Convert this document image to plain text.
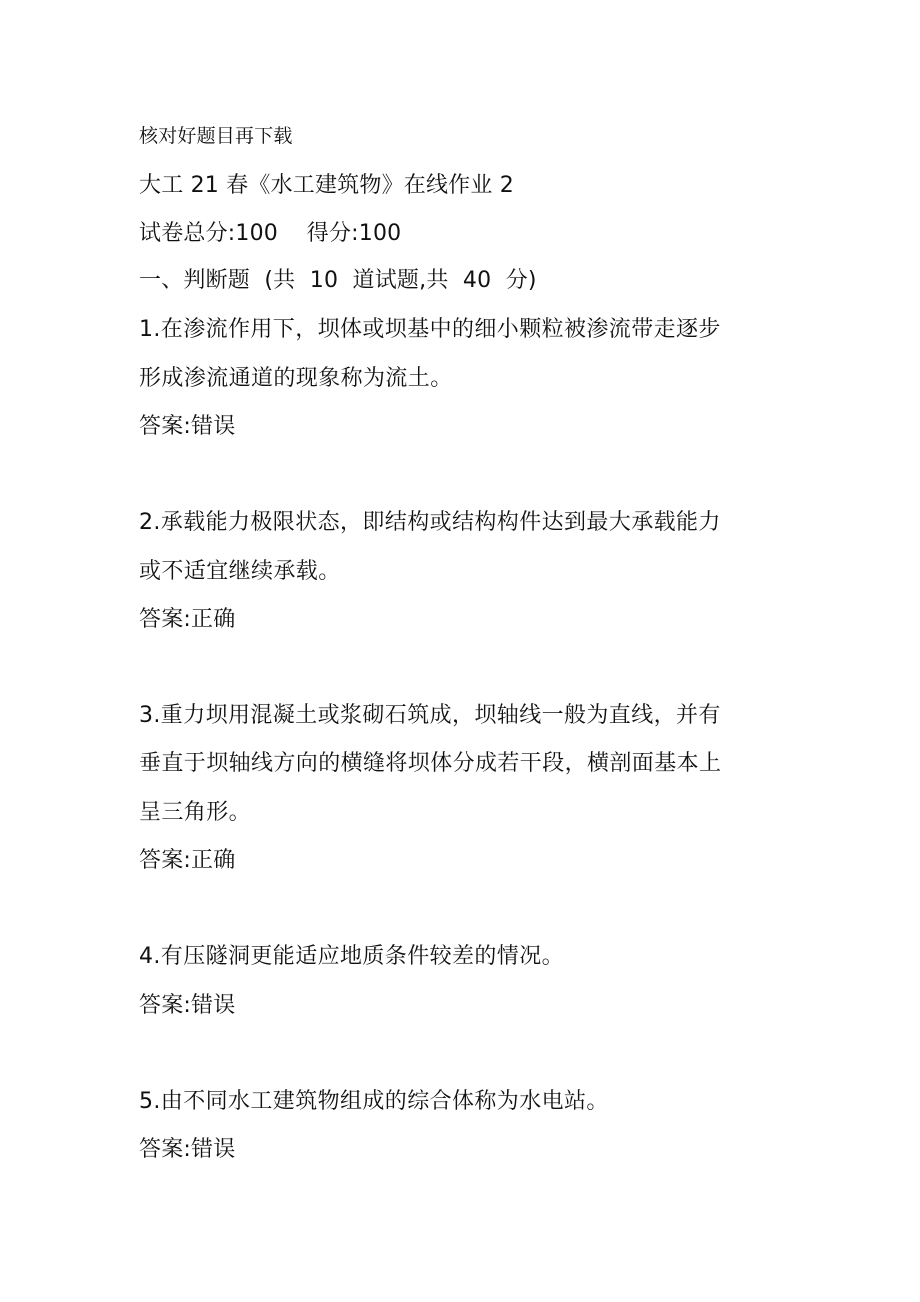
核对好题目再下载
大工 21 春《水工建筑物》在线作业 2
试卷总分:100    得分:100
一、判断题  (共  10  道试题,共  40  分)
1.在渗流作用下，坝体或坝基中的细小颗粒被渗流带走逐步
形成渗流通道的现象称为流土。
答案:错误
2.承载能力极限状态，即结构或结构构件达到最大承载能力
或不适宜继续承载。
答案:正确
3.重力坝用混凝土或浆砌石筑成，坝轴线一般为直线，并有
垂直于坝轴线方向的横缝将坝体分成若干段，横剖面基本上
呈三角形。
答案:正确
4.有压隧洞更能适应地质条件较差的情况。
答案:错误
5.由不同水工建筑物组成的综合体称为水电站。
答案:错误
